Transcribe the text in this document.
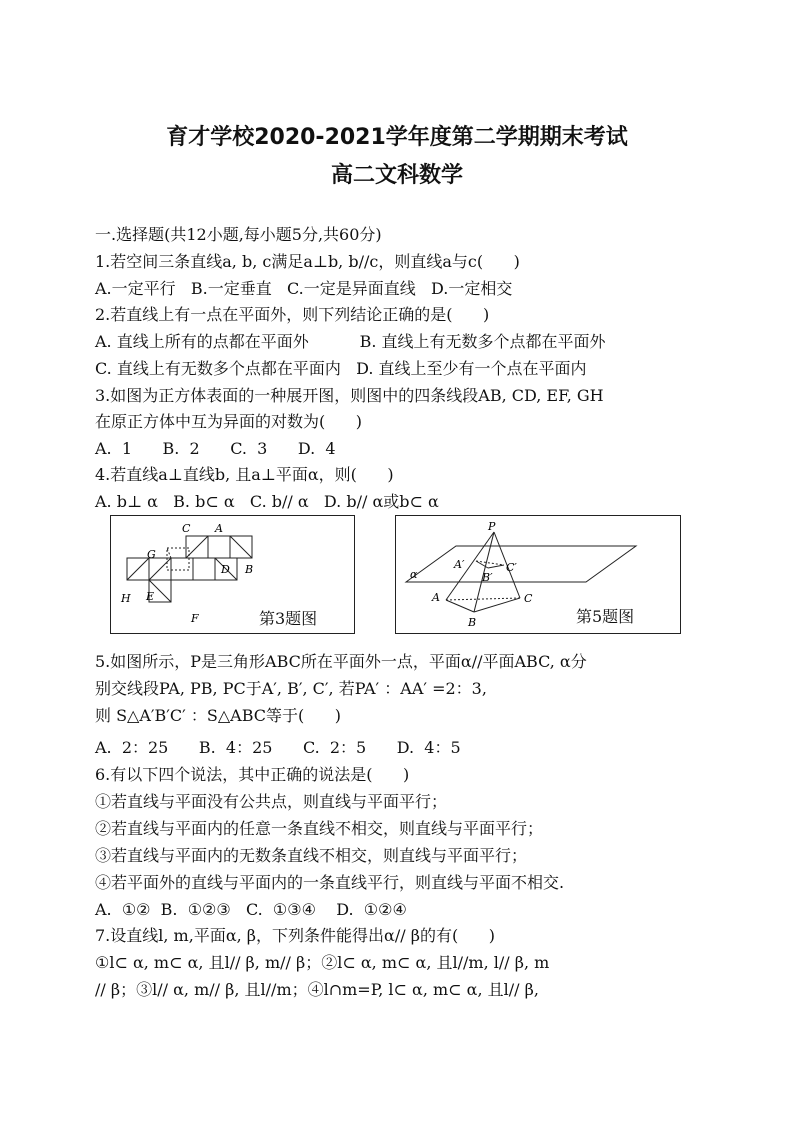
育才学校2020-2021学年度第二学期期末考试
高二文科数学
一.选择题(共12小题,每小题5分,共60分)
1.若空间三条直线a, b, c满足a⊥b, b//c，则直线a与c(      )
A.一定平行   B.一定垂直   C.一定是异面直线   D.一定相交
2.若直线上有一点在平面外，则下列结论正确的是(      )
A. 直线上所有的点都在平面外          B. 直线上有无数多个点都在平面外
C. 直线上有无数多个点都在平面内   D. 直线上至少有一个点在平面内
3.如图为正方体表面的一种展开图，则图中的四条线段AB, CD, EF, GH
在原正方体中互为异面的对数为(      )
A.  1      B.  2      C.  3      D.  4
4.若直线a⊥直线b, 且a⊥平面α，则(      )
A. b⊥ α   B. b⊂ α   C. b// α   D. b// α或b⊂ α
C A
G
D B
H E
F	第3题图
P
A′
B′
C′
A	C
B
α
第5题图
5.如图所示，P是三角形ABC所在平面外一点，平面α//平面ABC, α分
别交线段PA, PB, PC于A′, B′, C′, 若PA′ ：AA′ =2：3,
则 S△A′B′C′ ：S△ABC等于(      )
A.  2：25      B.  4：25      C.  2：5      D.  4：5
6.有以下四个说法，其中正确的说法是(      )
①若直线与平面没有公共点，则直线与平面平行；
②若直线与平面内的任意一条直线不相交，则直线与平面平行；
③若直线与平面内的无数条直线不相交，则直线与平面平行；
④若平面外的直线与平面内的一条直线平行，则直线与平面不相交.
A.  ①②  B.  ①②③   C.  ①③④    D.  ①②④
7.设直线l, m,平面α, β，下列条件能得出α// β的有(      )
①l⊂ α, m⊂ α, 且l// β, m// β；②l⊂ α, m⊂ α, 且l//m, l// β, m
// β；③l// α, m// β, 且l//m；④l∩m=P, l⊂ α, m⊂ α, 且l// β,
